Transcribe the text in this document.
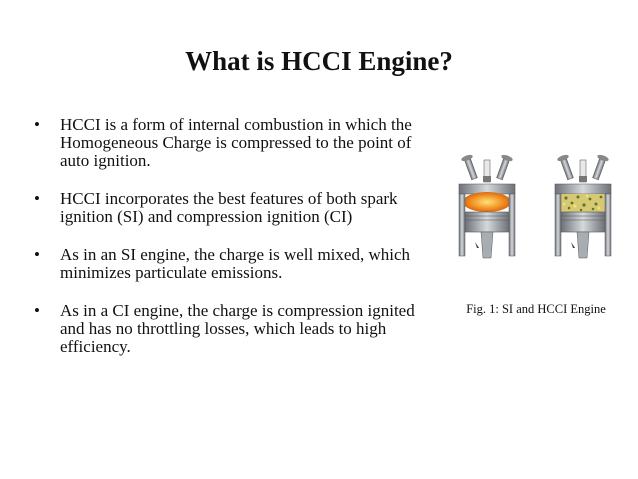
What is HCCI Engine?
• HCCI is a form of internal combustion in which the Homogeneous Charge is compressed to the point of auto ignition.
• HCCI incorporates the best features of both spark ignition (SI) and compression ignition (CI)
• As in an SI engine, the charge is well mixed, which minimizes particulate emissions.
• As in a CI engine, the charge is compression ignited and has no throttling losses, which leads to high efficiency.
Fig. 1: SI and HCCI Engine
